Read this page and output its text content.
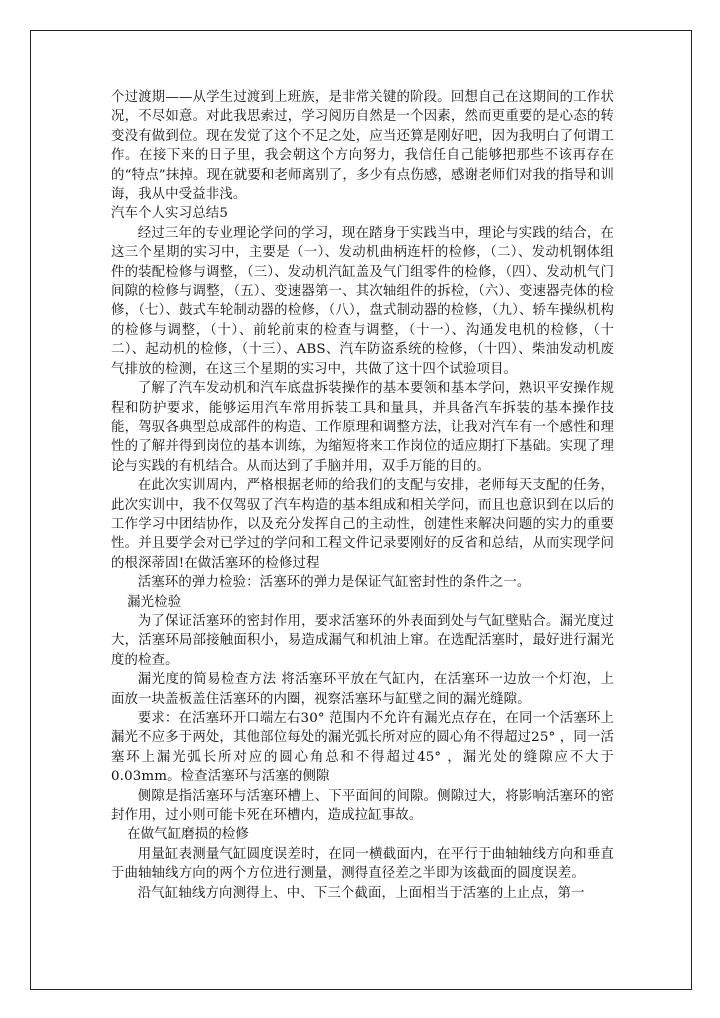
个过渡期——从学生过渡到上班族，是非常关键的阶段。回想自己在这期间的工作状况，不尽如意。对此我思索过，学习阅历自然是一个因素，然而更重要的是心态的转变没有做到位。现在发觉了这个不足之处，应当还算是刚好吧，因为我明白了何谓工作。在接下来的日子里，我会朝这个方向努力，我信任自己能够把那些不该再存在的“特点”抹掉。现在就要和老师离别了，多少有点伤感，感谢老师们对我的指导和训诲，我从中受益非浅。

汽车个人实习总结5

经过三年的专业理论学问的学习，现在踏身于实践当中，理论与实践的结合，在这三个星期的实习中，主要是（一）、发动机曲柄连杆的检修，（二）、发动机钢体组件的装配检修与调整，（三）、发动机汽缸盖及气门组零件的检修，（四）、发动机气门间隙的检修与调整，（五）、变速器第一、其次轴组件的拆检，（六）、变速器壳体的检修，（七）、鼓式车轮制动器的检修，（八），盘式制动器的检修，（九）、轿车操纵机构的检修与调整，（十）、前轮前束的检查与调整，（十一）、沟通发电机的检修，（十二）、起动机的检修，（十三）、ABS、汽车防盗系统的检修，（十四）、柴油发动机废气排放的检测，在这三个星期的实习中，共做了这十四个试验项目。

了解了汽车发动机和汽车底盘拆装操作的基本要领和基本学问，熟识平安操作规程和防护要求，能够运用汽车常用拆装工具和量具，并具备汽车拆装的基本操作技能，驾驭各典型总成部件的构造、工作原理和调整方法，让我对汽车有一个感性和理性的了解并得到岗位的基本训练，为缩短将来工作岗位的适应期打下基础。实现了理论与实践的有机结合。从而达到了手脑并用，双手万能的目的。

在此次实训周内，严格根据老师的给我们的支配与安排，老师每天支配的任务，此次实训中，我不仅驾驭了汽车构造的基本组成和相关学问，而且也意识到在以后的工作学习中团结协作，以及充分发挥自己的主动性，创建性来解决问题的实力的重要性。并且要学会对已学过的学问和工程文件记录要刚好的反省和总结，从而实现学问的根深蒂固!在做活塞环的检修过程

活塞环的弹力检验：活塞环的弹力是保证气缸密封性的条件之一。

漏光检验

为了保证活塞环的密封作用，要求活塞环的外表面到处与气缸壁贴合。漏光度过大，活塞环局部接触面积小，易造成漏气和机油上窜。在选配活塞时，最好进行漏光度的检查。

漏光度的简易检查方法 将活塞环平放在气缸内，在活塞环一边放一个灯泡，上面放一块盖板盖住活塞环的内圈，视察活塞环与缸壁之间的漏光缝隙。

要求：在活塞环开口端左右30° 范围内不允许有漏光点存在，在同一个活塞环上漏光不应多于两处，其他部位每处的漏光弧长所对应的圆心角不得超过25° ，同一活塞环上漏光弧长所对应的圆心角总和不得超过45° ，漏光处的缝隙应不大于0.03mm。检查活塞环与活塞的侧隙

侧隙是指活塞环与活塞环槽上、下平面间的间隙。侧隙过大，将影响活塞环的密封作用，过小则可能卡死在环槽内，造成拉缸事故。

在做气缸磨损的检修

用量缸表测量气缸圆度误差时，在同一横截面内，在平行于曲轴轴线方向和垂直于曲轴轴线方向的两个方位进行测量，测得直径差之半即为该截面的圆度误差。

沿气缸轴线方向测得上、中、下三个截面，上面相当于活塞的上止点，第一
